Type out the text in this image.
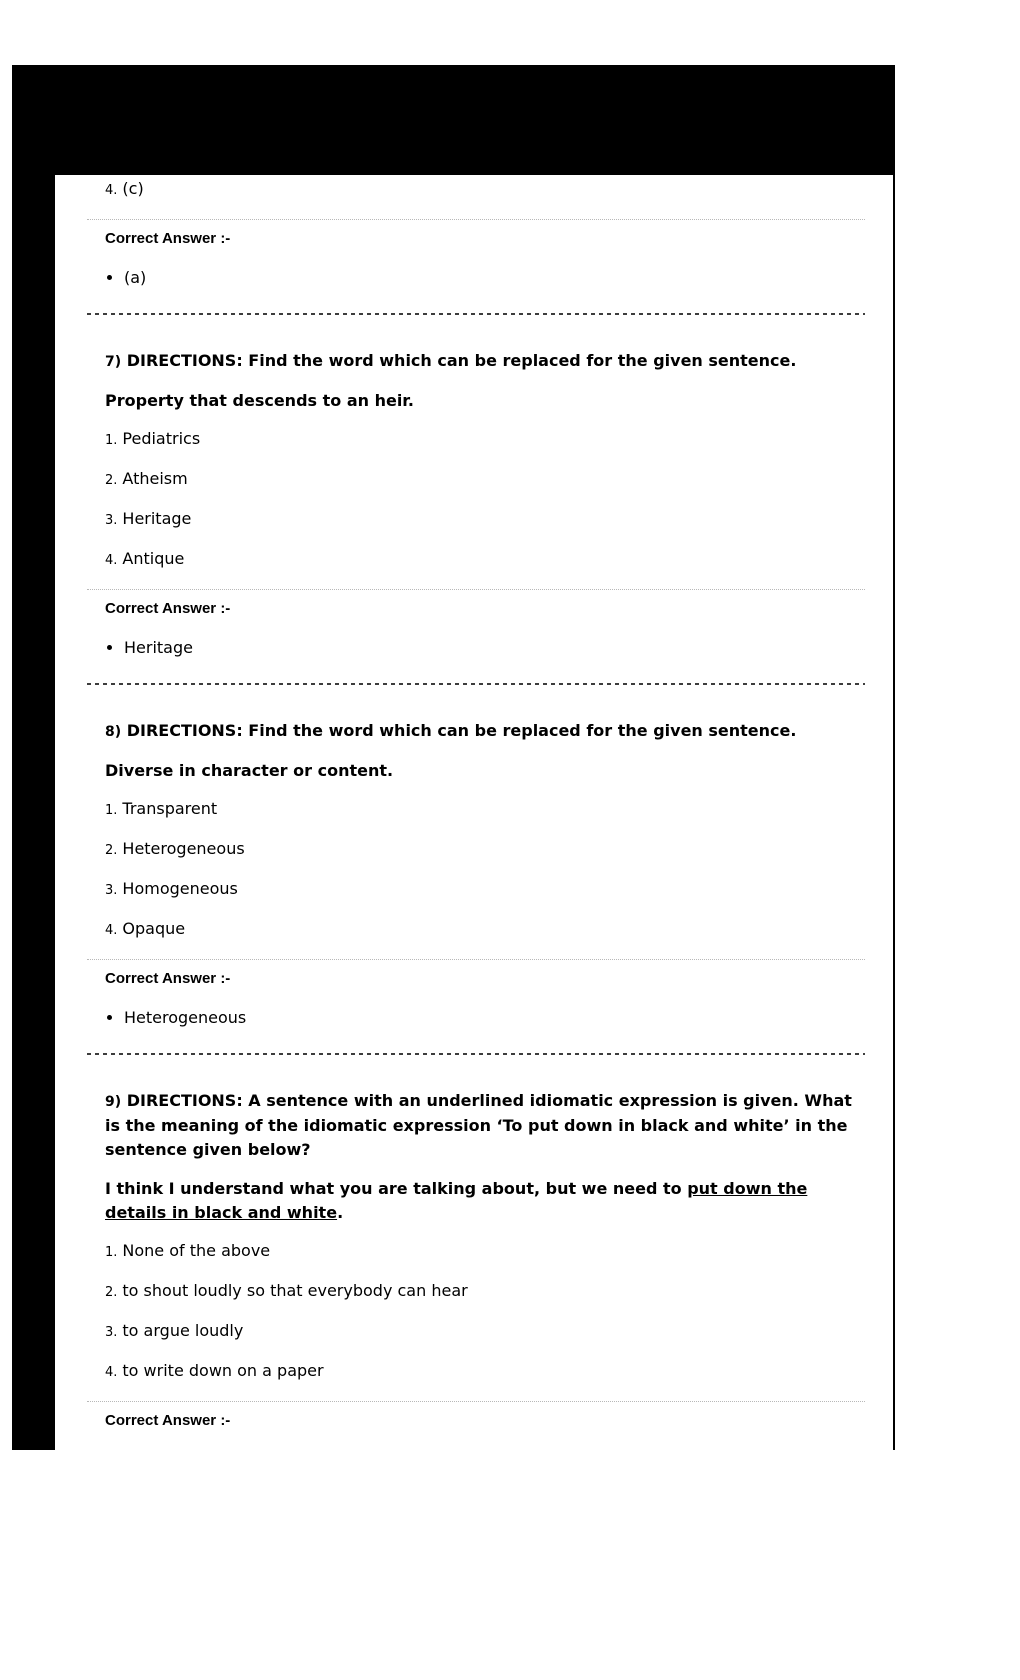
4. (c)

Correct Answer :-

• (a)

7) DIRECTIONS: Find the word which can be replaced for the given sentence.

Property that descends to an heir.

1. Pediatrics
2. Atheism
3. Heritage
4. Antique

Correct Answer :-

• Heritage

8) DIRECTIONS: Find the word which can be replaced for the given sentence.

Diverse in character or content.

1. Transparent
2. Heterogeneous
3. Homogeneous
4. Opaque

Correct Answer :-

• Heterogeneous

9) DIRECTIONS: A sentence with an underlined idiomatic expression is given. What is the meaning of the idiomatic expression ‘To put down in black and white’ in the sentence given below?

I think I understand what you are talking about, but we need to put down the details in black and white.

1. None of the above
2. to shout loudly so that everybody can hear
3. to argue loudly
4. to write down on a paper

Correct Answer :-
